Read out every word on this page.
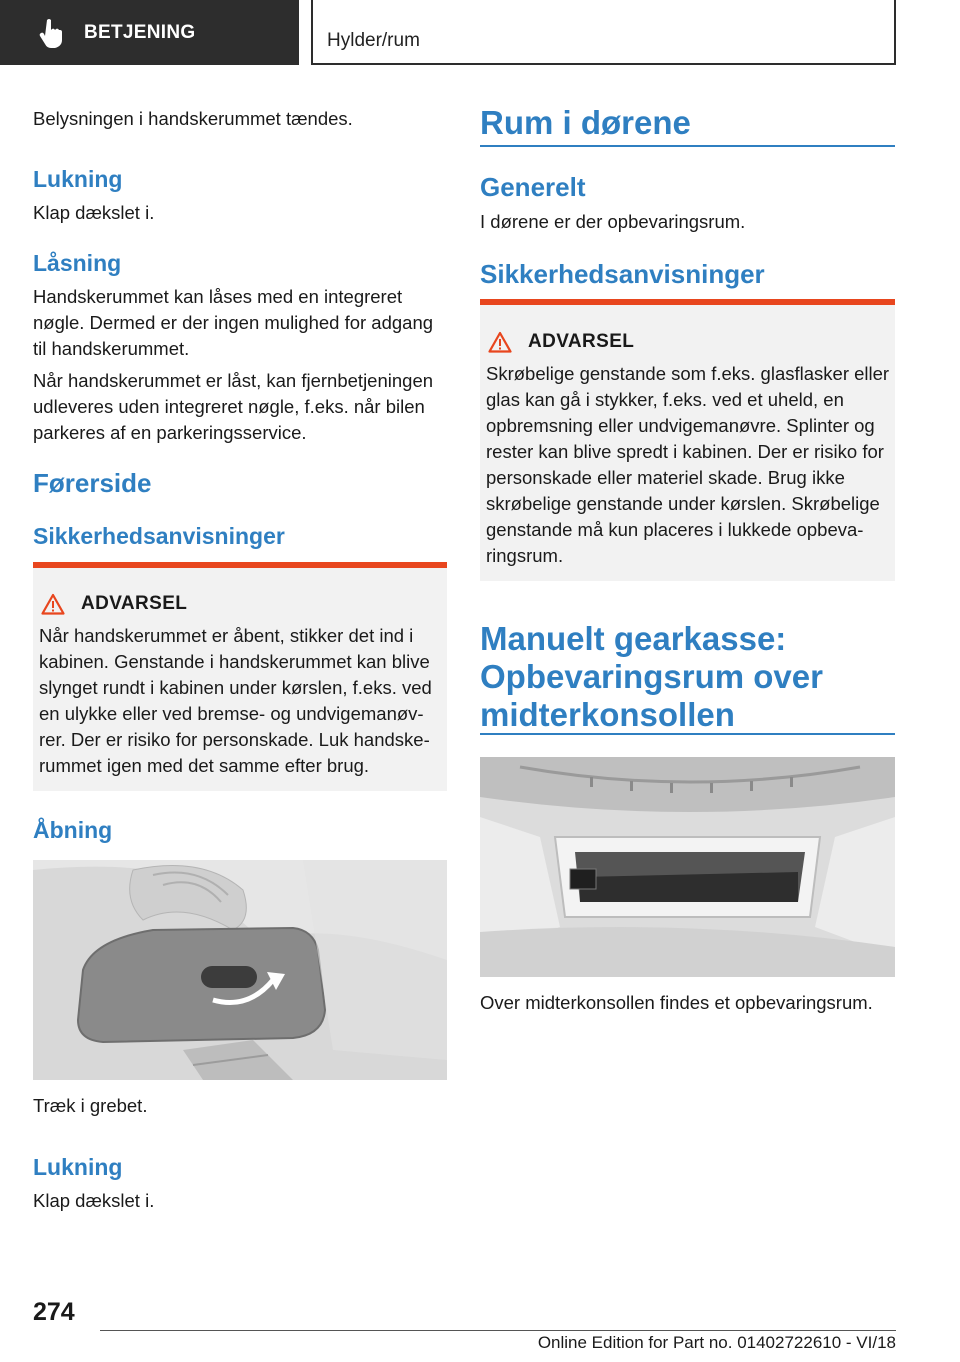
BETJENING	Hylder/rum
Belysningen i handskerummet tændes.
Lukning
Klap dækslet i.
Låsning
Handskerummet kan låses med en integreret nøgle. Dermed er der ingen mulighed for adgang til handskerummet.
Når handskerummet er låst, kan fjernbetjeningen udleveres uden integreret nøgle, f.eks. når bilen parkeres af en parkeringsservice.
Førerside
Sikkerhedsanvisninger
ADVARSEL
Når handskerummet er åbent, stikker det ind i kabinen. Genstande i handskerummet kan blive slynget rundt i kabinen under kørslen, f.eks. ved en ulykke eller ved bremse- og undvigemanøvrer. Der er risiko for personskade. Luk handskerummet igen med det samme efter brug.
Åbning
Træk i grebet.
Lukning
Klap dækslet i.
Rum i dørene
Generelt
I dørene er der opbevaringsrum.
Sikkerhedsanvisninger
ADVARSEL
Skrøbelige genstande som f.eks. glasflasker eller glas kan gå i stykker, f.eks. ved et uheld, en opbremsning eller undvigemanøvre. Splinter og rester kan blive spredt i kabinen. Der er risiko for personskade eller materiel skade. Brug ikke skrøbelige genstande under kørslen. Skrøbelige genstande må kun placeres i lukkede opbevaringsrum.
Manuelt gearkasse: Opbevaringsrum over midterkonsollen
Over midterkonsollen findes et opbevaringsrum.
274
Online Edition for Part no. 01402722610 - VI/18
